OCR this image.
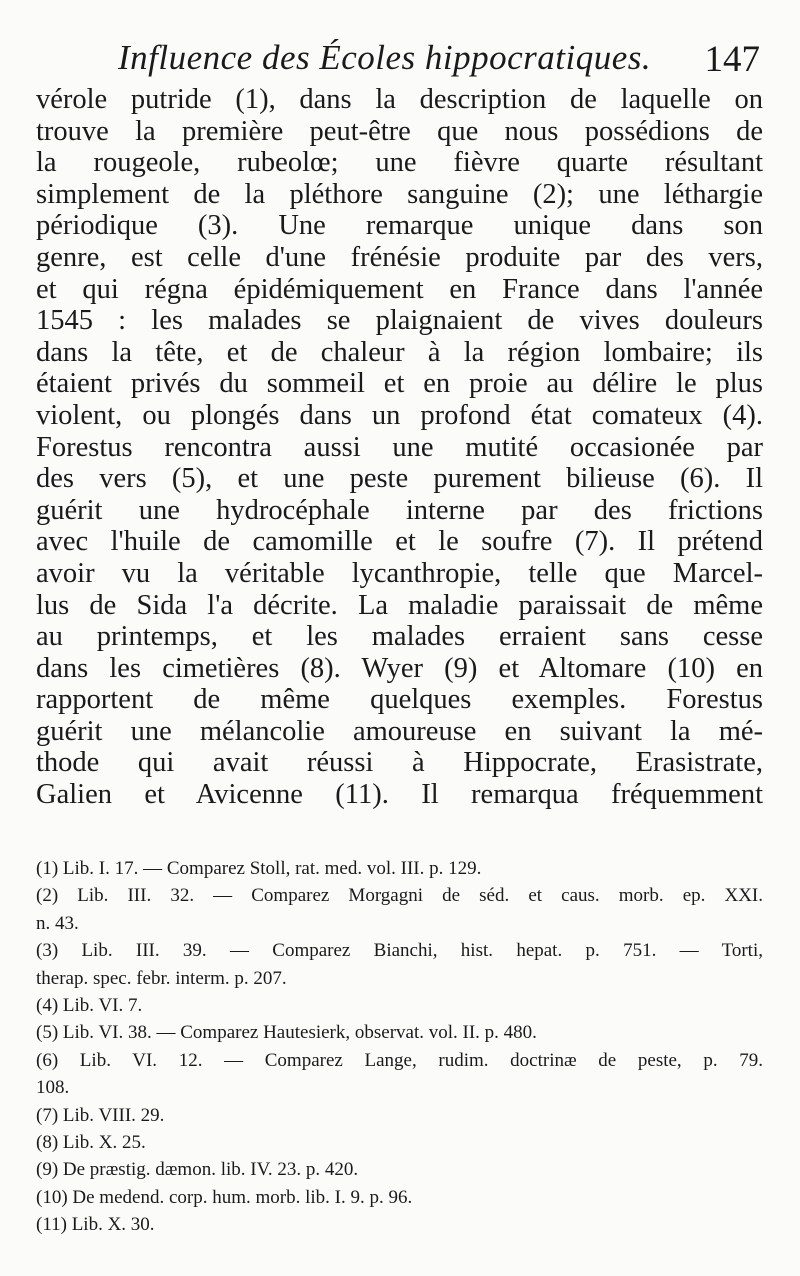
Influence des Écoles hippocratiques. 147
vérole putride (1), dans la description de laquelle on
trouve la première peut-être que nous possédions de
la rougeole, rubeolœ; une fièvre quarte résultant
simplement de la pléthore sanguine (2); une léthargie
périodique (3). Une remarque unique dans son
genre, est celle d'une frénésie produite par des vers,
et qui régna épidémiquement en France dans l'année
1545 : les malades se plaignaient de vives douleurs
dans la tête, et de chaleur à la région lombaire; ils
étaient privés du sommeil et en proie au délire le plus
violent, ou plongés dans un profond état comateux (4).
Forestus rencontra aussi une mutité occasionée par
des vers (5), et une peste purement bilieuse (6). Il
guérit une hydrocéphale interne par des frictions
avec l'huile de camomille et le soufre (7). Il prétend
avoir vu la véritable lycanthropie, telle que Marcel-
lus de Sida l'a décrite. La maladie paraissait de même
au printemps, et les malades erraient sans cesse
dans les cimetières (8). Wyer (9) et Altomare (10) en
rapportent de même quelques exemples. Forestus
guérit une mélancolie amoureuse en suivant la mé-
thode qui avait réussi à Hippocrate, Erasistrate,
Galien et Avicenne (11). Il remarqua fréquemment
(1) Lib. I. 17. — Comparez Stoll, rat. med. vol. III. p. 129.
(2) Lib. III. 32. — Comparez Morgagni de séd. et caus. morb. ep. XXI.
n. 43.
(3) Lib. III. 39. — Comparez Bianchi, hist. hepat. p. 751. — Torti,
therap. spec. febr. interm. p. 207.
(4) Lib. VI. 7.
(5) Lib. VI. 38. — Comparez Hautesierk, observat. vol. II. p. 480.
(6) Lib. VI. 12. — Comparez Lange, rudim. doctrinæ de peste, p. 79.
108.
(7) Lib. VIII. 29.
(8) Lib. X. 25.
(9) De præstig. dæmon. lib. IV. 23. p. 420.
(10) De medend. corp. hum. morb. lib. I. 9. p. 96.
(11) Lib. X. 30.
